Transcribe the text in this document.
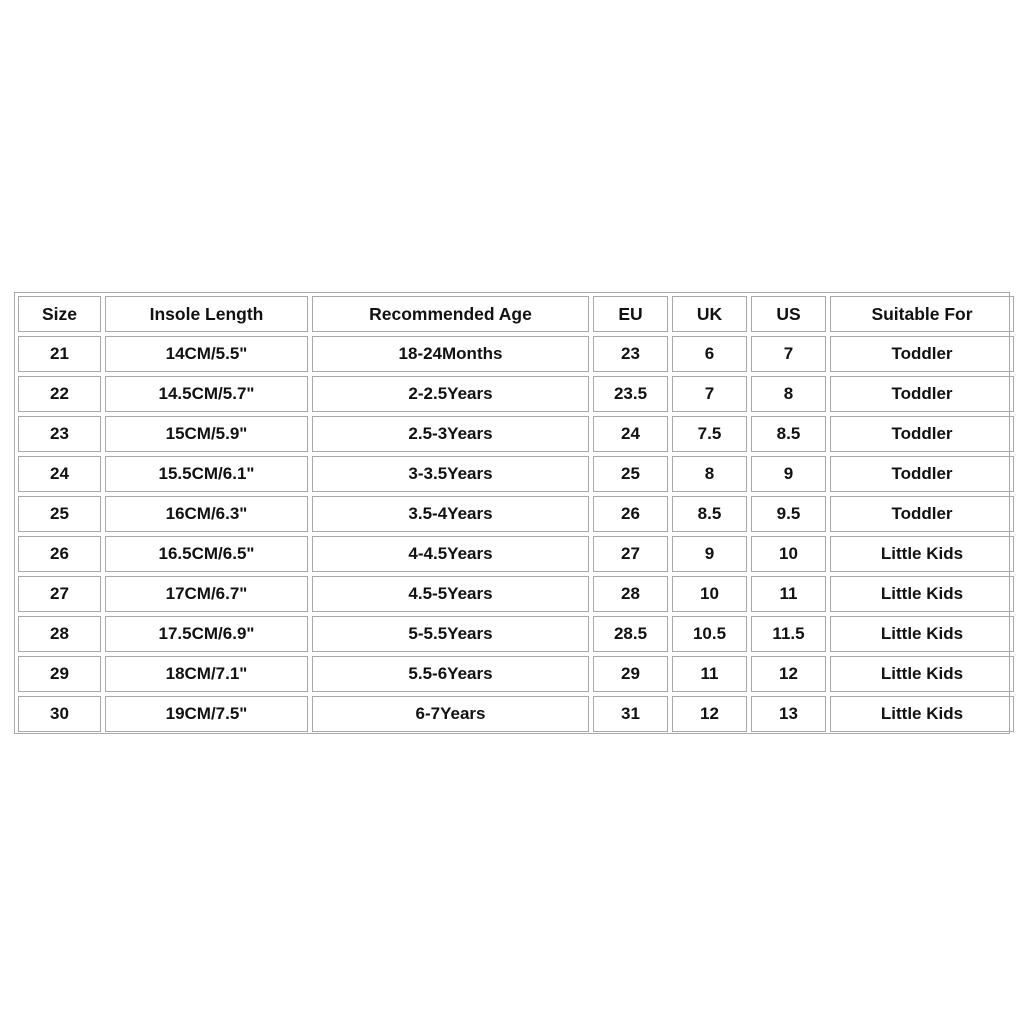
Size	Insole Length	Recommended Age	EU	UK	US	Suitable For
21	14CM/5.5"	18-24Months	23	6	7	Toddler
22	14.5CM/5.7"	2-2.5Years	23.5	7	8	Toddler
23	15CM/5.9"	2.5-3Years	24	7.5	8.5	Toddler
24	15.5CM/6.1"	3-3.5Years	25	8	9	Toddler
25	16CM/6.3"	3.5-4Years	26	8.5	9.5	Toddler
26	16.5CM/6.5"	4-4.5Years	27	9	10	Little Kids
27	17CM/6.7"	4.5-5Years	28	10	11	Little Kids
28	17.5CM/6.9"	5-5.5Years	28.5	10.5	11.5	Little Kids
29	18CM/7.1"	5.5-6Years	29	11	12	Little Kids
30	19CM/7.5"	6-7Years	31	12	13	Little Kids
